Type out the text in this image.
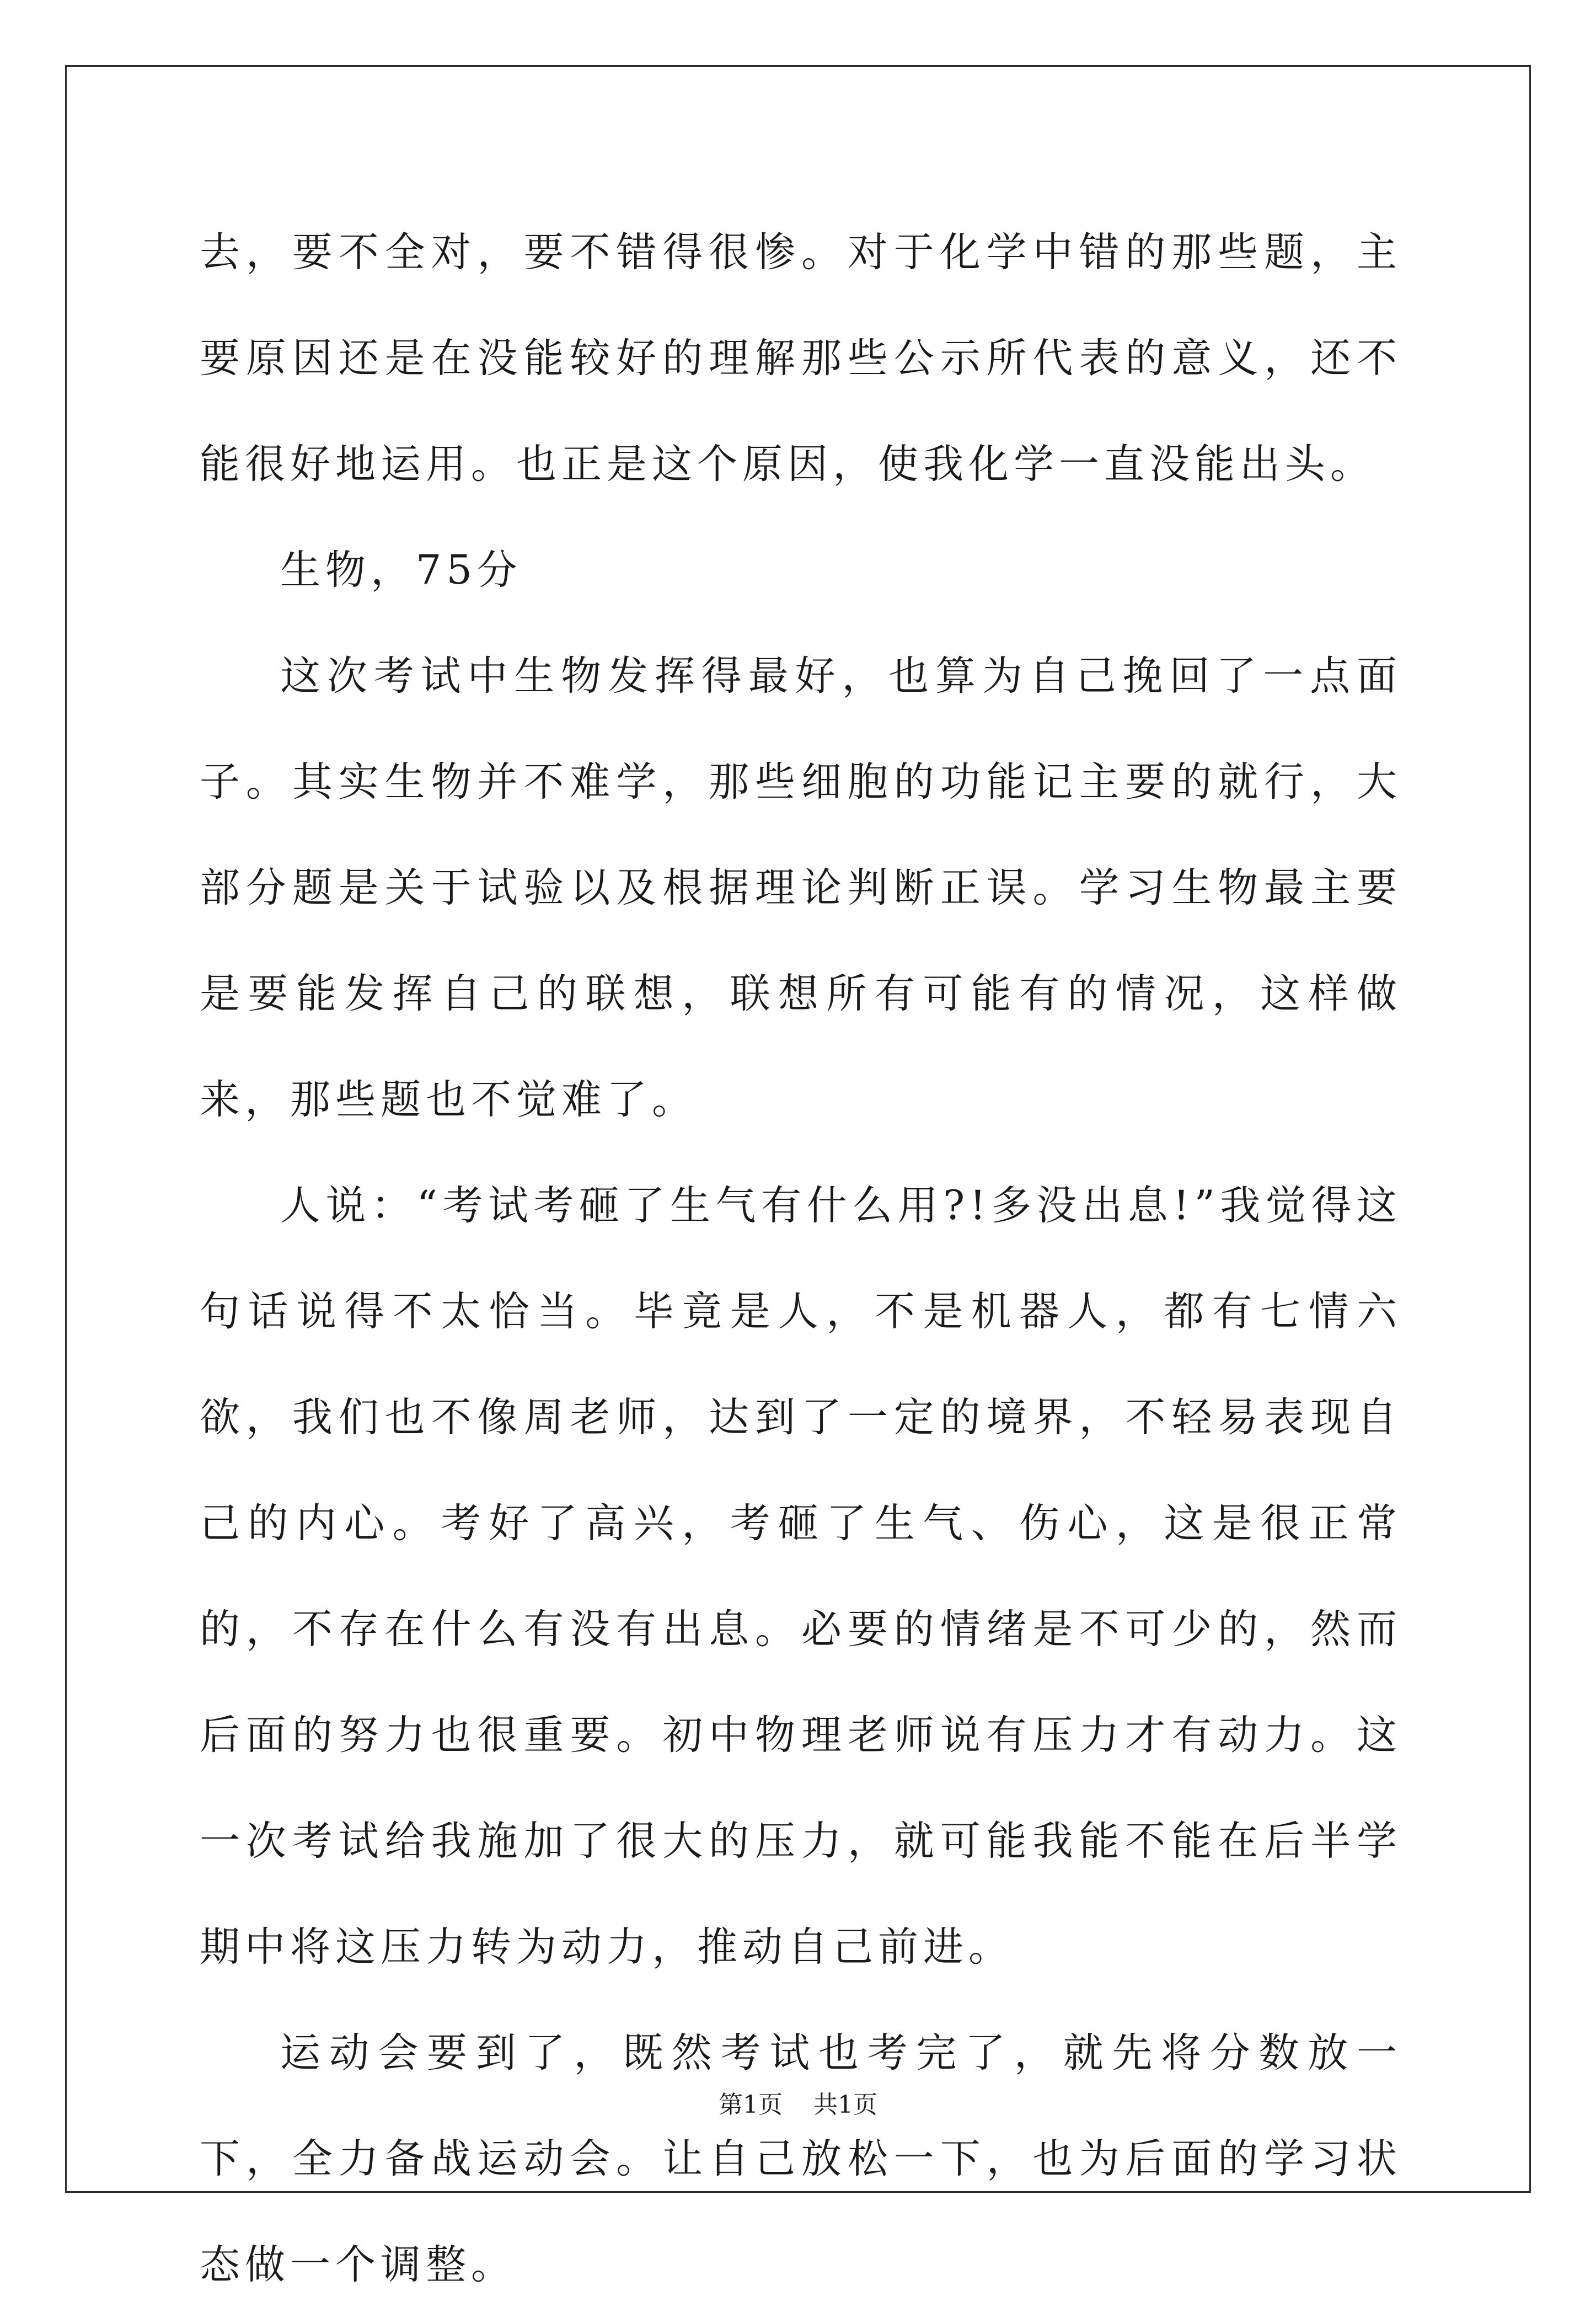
去，要不全对，要不错得很惨。对于化学中错的那些题，主要原因还是在没能较好的理解那些公示所代表的意义，还不能很好地运用。也正是这个原因，使我化学一直没能出头。

生物，75分

这次考试中生物发挥得最好，也算为自己挽回了一点面子。其实生物并不难学，那些细胞的功能记主要的就行，大部分题是关于试验以及根据理论判断正误。学习生物最主要是要能发挥自己的联想，联想所有可能有的情况，这样做来，那些题也不觉难了。

人说：“考试考砸了生气有什么用?!多没出息!”我觉得这句话说得不太恰当。毕竟是人，不是机器人，都有七情六欲，我们也不像周老师，达到了一定的境界，不轻易表现自己的内心。考好了高兴，考砸了生气、伤心，这是很正常的，不存在什么有没有出息。必要的情绪是不可少的，然而后面的努力也很重要。初中物理老师说有压力才有动力。这一次考试给我施加了很大的压力，就可能我能不能在后半学期中将这压力转为动力，推动自己前进。

运动会要到了，既然考试也考完了，就先将分数放一下，全力备战运动会。让自己放松一下，也为后面的学习状态做一个调整。

第1页 共1页
